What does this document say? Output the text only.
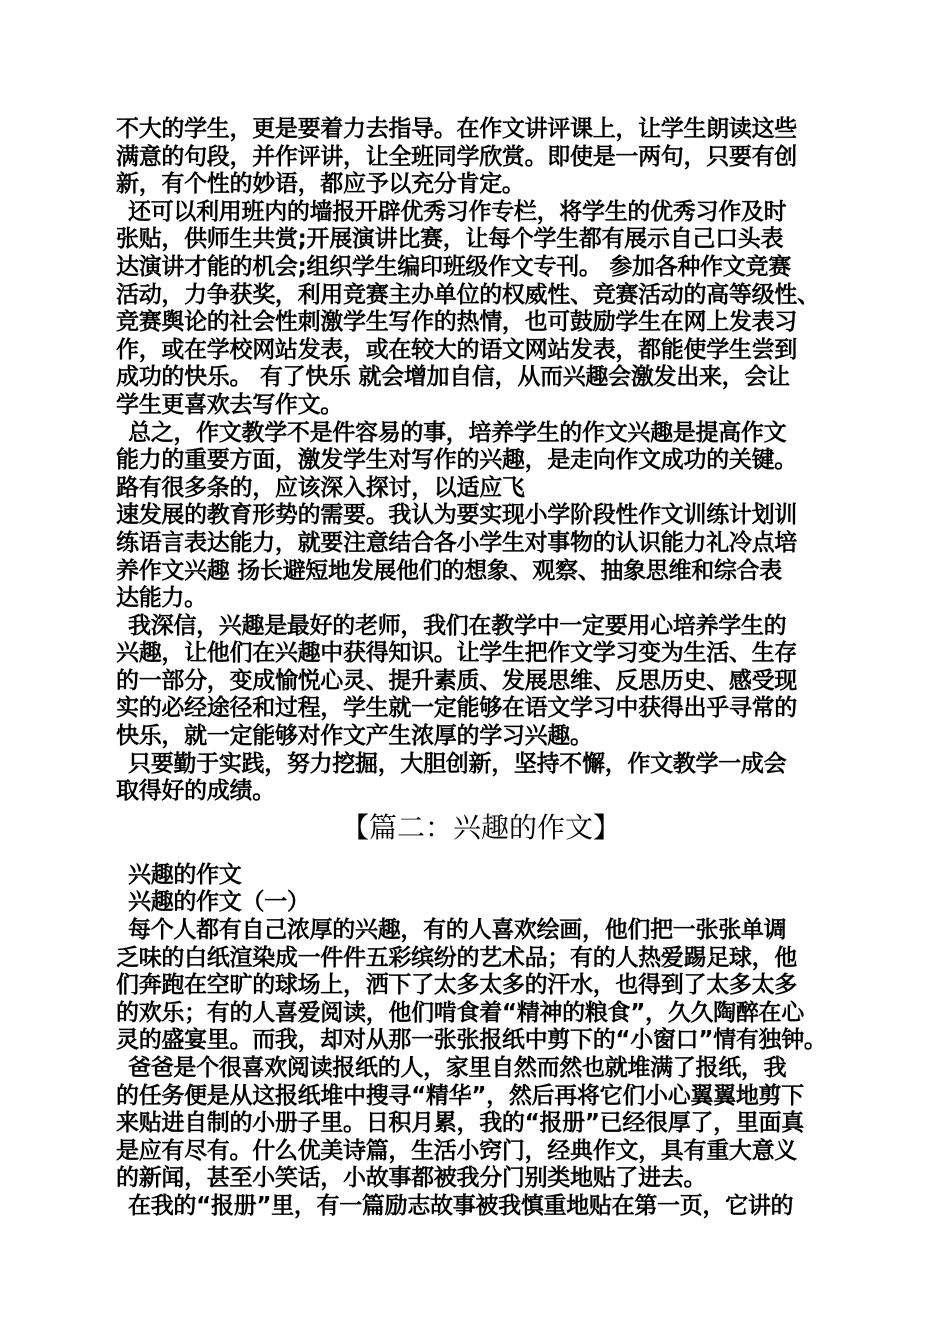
不大的学生，更是要着力去指导。在作文讲评课上，让学生朗读这些
满意的句段，并作评讲，让全班同学欣赏。即使是一两句，只要有创
新，有个性的妙语，都应予以充分肯定。
还可以利用班内的墙报开辟优秀习作专栏，将学生的优秀习作及时
张贴，供师生共赏;开展演讲比赛，让每个学生都有展示自己口头表
达演讲才能的机会;组织学生编印班级作文专刊。 参加各种作文竞赛
活动，力争获奖，利用竞赛主办单位的权威性、竞赛活动的高等级性、
竞赛舆论的社会性刺激学生写作的热情，也可鼓励学生在网上发表习
作，或在学校网站发表，或在较大的语文网站发表，都能使学生尝到
成功的快乐。 有了快乐 就会增加自信，从而兴趣会激发出来，会让
学生更喜欢去写作文。
总之，作文教学不是件容易的事，培养学生的作文兴趣是提高作文
能力的重要方面，激发学生对写作的兴趣，是走向作文成功的关键。
路有很多条的，应该深入探讨，以适应飞
速发展的教育形势的需要。我认为要实现小学阶段性作文训练计划训
练语言表达能力，就要注意结合各小学生对事物的认识能力礼冷点培
养作文兴趣 扬长避短地发展他们的想象、观察、抽象思维和综合表
达能力。
我深信，兴趣是最好的老师，我们在教学中一定要用心培养学生的
兴趣，让他们在兴趣中获得知识。让学生把作文学习变为生活、生存
的一部分，变成愉悦心灵、提升素质、发展思维、反思历史、感受现
实的必经途径和过程，学生就一定能够在语文学习中获得出乎寻常的
快乐，就一定能够对作文产生浓厚的学习兴趣。
只要勤于实践，努力挖掘，大胆创新，坚持不懈，作文教学一成会
取得好的成绩。
【篇二：兴趣的作文】
兴趣的作文
兴趣的作文（一）
每个人都有自己浓厚的兴趣，有的人喜欢绘画，他们把一张张单调
乏味的白纸渲染成一件件五彩缤纷的艺术品；有的人热爱踢足球，他
们奔跑在空旷的球场上，洒下了太多太多的汗水，也得到了太多太多
的欢乐；有的人喜爱阅读，他们啃食着“精神的粮食”，久久陶醉在心
灵的盛宴里。而我，却对从那一张张报纸中剪下的“小窗口”情有独钟。
爸爸是个很喜欢阅读报纸的人，家里自然而然也就堆满了报纸，我
的任务便是从这报纸堆中搜寻“精华”，然后再将它们小心翼翼地剪下
来贴进自制的小册子里。日积月累，我的“报册”已经很厚了，里面真
是应有尽有。什么优美诗篇，生活小窍门，经典作文，具有重大意义
的新闻，甚至小笑话，小故事都被我分门别类地贴了进去。
在我的“报册”里，有一篇励志故事被我慎重地贴在第一页，它讲的
